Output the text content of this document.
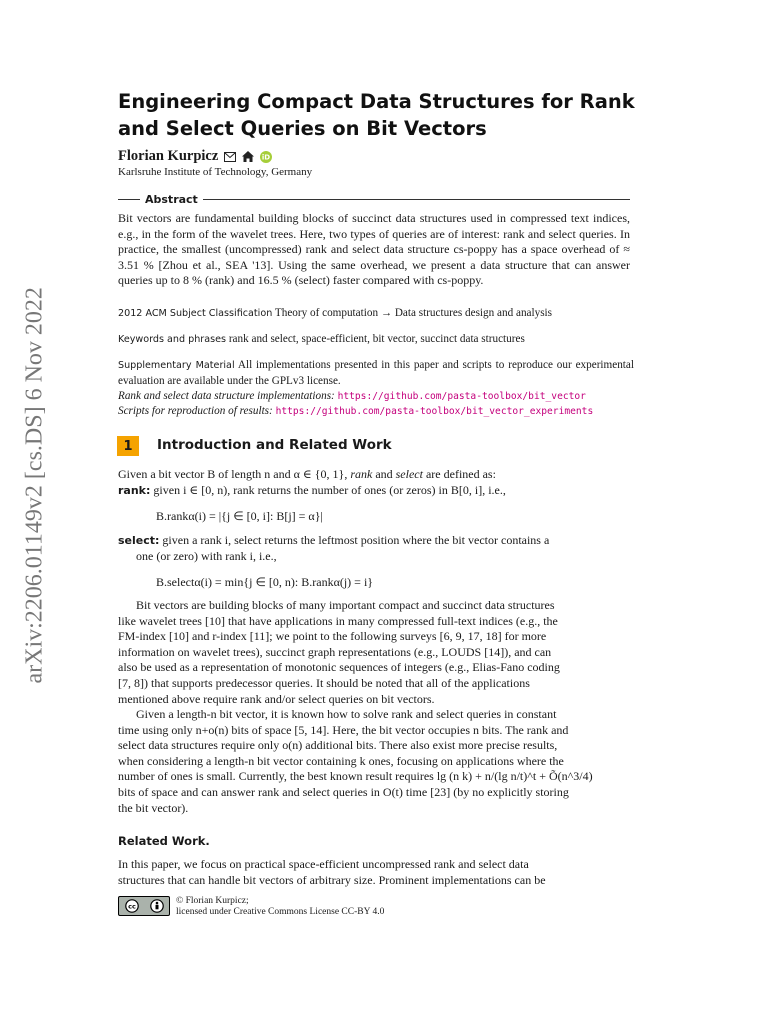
arXiv:2206.01149v2 [cs.DS] 6 Nov 2022
Engineering Compact Data Structures for Rank
and Select Queries on Bit Vectors
Florian Kurpicz	iD
Karlsruhe Institute of Technology, Germany
Abstract
Bit vectors are fundamental building blocks of succinct data structures used in compressed text indices, e.g., in the form of the wavelet trees. Here, two types of queries are of interest: rank and select queries. In practice, the smallest (uncompressed) rank and select data structure cs-poppy has a space overhead of ≈ 3.51 % [Zhou et al., SEA '13]. Using the same overhead, we present a data structure that can answer queries up to 8 % (rank) and 16.5 % (select) faster compared with cs-poppy.
2012 ACM Subject Classification Theory of computation → Data structures design and analysis
Keywords and phrases rank and select, space-efficient, bit vector, succinct data structures
Supplementary Material All implementations presented in this paper and scripts to reproduce our experimental evaluation are available under the GPLv3 license.
Rank and select data structure implementations: https://github.com/pasta-toolbox/bit_vector
Scripts for reproduction of results: https://github.com/pasta-toolbox/bit_vector_experiments
1	Introduction and Related Work
Given a bit vector B of length n and α ∈ {0, 1}, rank and select are defined as:
rank: given i ∈ [0, n), rank returns the number of ones (or zeros) in B[0, i], i.e.,
B.rankα(i) = |{j ∈ [0, i]: B[j] = α}|
select: given a rank i, select returns the leftmost position where the bit vector contains a
one (or zero) with rank i, i.e.,
B.selectα(i) = min{j ∈ [0, n): B.rankα(j) = i}
Bit vectors are building blocks of many important compact and succinct data structures
like wavelet trees [10] that have applications in many compressed full-text indices (e.g., the
FM-index [10] and r-index [11]; we point to the following surveys [6, 9, 17, 18] for more
information on wavelet trees), succinct graph representations (e.g., LOUDS [14]), and can
also be used as a representation of monotonic sequences of integers (e.g., Elias-Fano coding
[7, 8]) that supports predecessor queries. It should be noted that all of the applications
mentioned above require rank and/or select queries on bit vectors.
Given a length-n bit vector, it is known how to solve rank and select queries in constant
time using only n+o(n) bits of space [5, 14]. Here, the bit vector occupies n bits. The rank and
select data structures require only o(n) additional bits. There also exist more precise results,
when considering a length-n bit vector containing k ones, focusing on applications where the
number of ones is small. Currently, the best known result requires lg (n k) + n/(lg n/t)^t + Õ(n^3/4)
bits of space and can answer rank and select queries in O(t) time [23] (by no explicitly storing
the bit vector).
Related Work.
In this paper, we focus on practical space-efficient uncompressed rank and select data
structures that can handle bit vectors of arbitrary size. Prominent implementations can be
cc
© Florian Kurpicz;
licensed under Creative Commons License CC-BY 4.0
